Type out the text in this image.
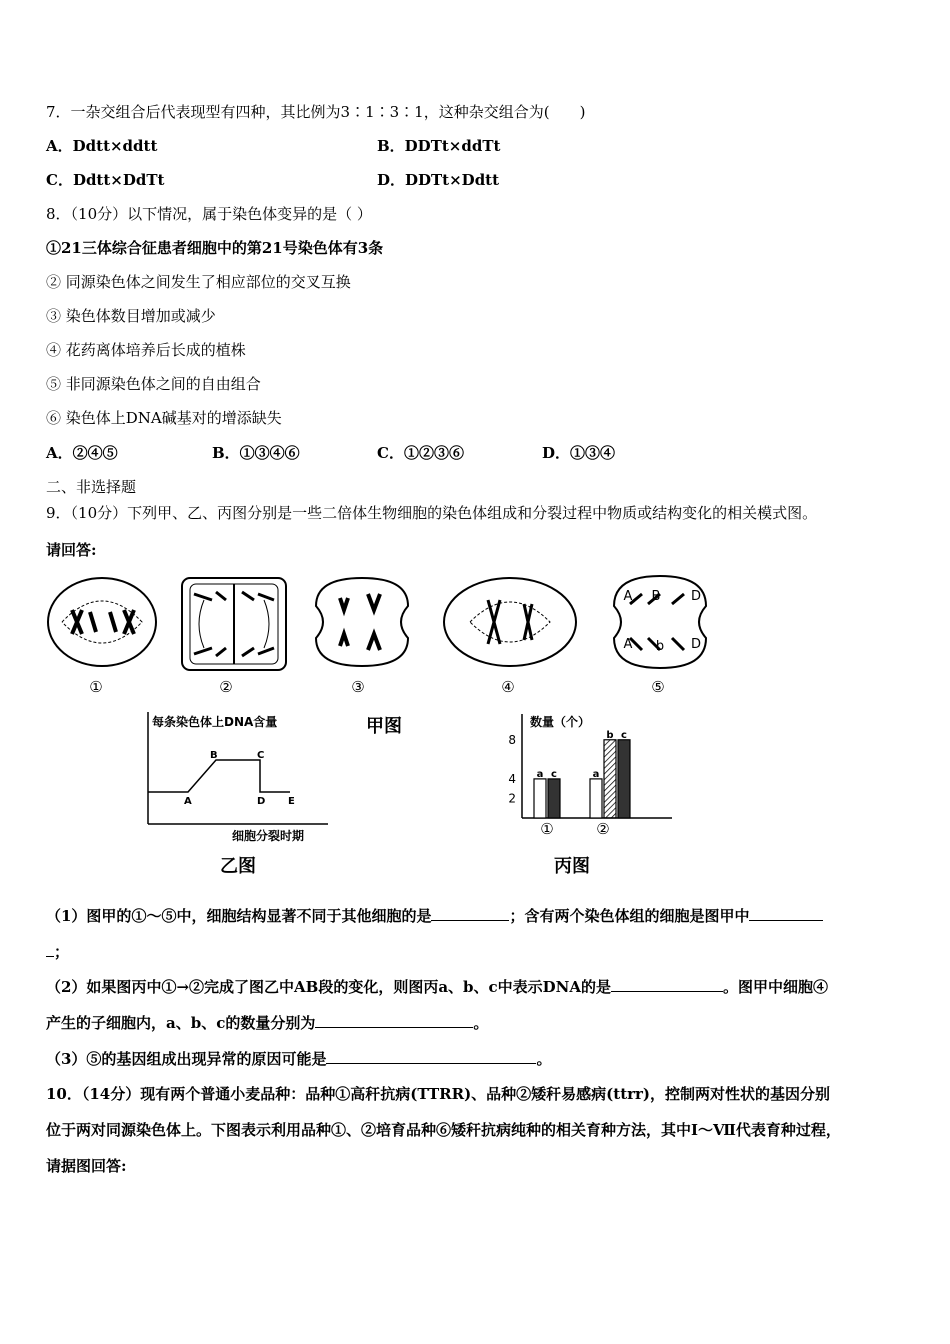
7．一杂交组合后代表现型有四种，其比例为3∶1∶3∶1，这种杂交组合为(　　)
A．Ddtt×ddtt	B．DDTt×ddTt
C．Ddtt×DdTt	D．DDTt×Ddtt
8．（10分）以下情况，属于染色体变异的是（ ）
①21三体综合征患者细胞中的第21号染色体有3条
② 同源染色体之间发生了相应部位的交叉互换
③ 染色体数目增加或减少
④ 花药离体培养后长成的植株
⑤ 非同源染色体之间的自由组合
⑥ 染色体上DNA碱基对的增添缺失
A．②④⑤	B．①③④⑥	C．①②③⑥	D．①③④
二、非选择题
9．（10分）下列甲、乙、丙图分别是一些二倍体生物细胞的染色体组成和分裂过程中物质或结构变化的相关模式图。
请回答:
A B D
A b D
①	②	③	④	⑤
甲图
每条染色体上DNA含量
A
B	C
D E
细胞分裂时期
乙图
数量（个）
2
4
8
a c
①
a
b c
②
丙图
（1）图甲的①～⑤中，细胞结构显著不同于其他细胞的是	；含有两个染色体组的细胞是图甲中
；
（2）如果图丙中①→②完成了图乙中AB段的变化，则图丙a、b、c中表示DNA的是	。图甲中细胞④
产生的子细胞内，a、b、c的数量分别为	。
（3）⑤的基因组成出现异常的原因可能是	。
10．（14分）现有两个普通小麦品种：品种①高秆抗病(TTRR)、品种②矮秆易感病(ttrr)，控制两对性状的基因分别
位于两对同源染色体上。下图表示利用品种①、②培育品种⑥矮秆抗病纯种的相关育种方法，其中Ⅰ～Ⅶ代表育种过程，
请据图回答:
